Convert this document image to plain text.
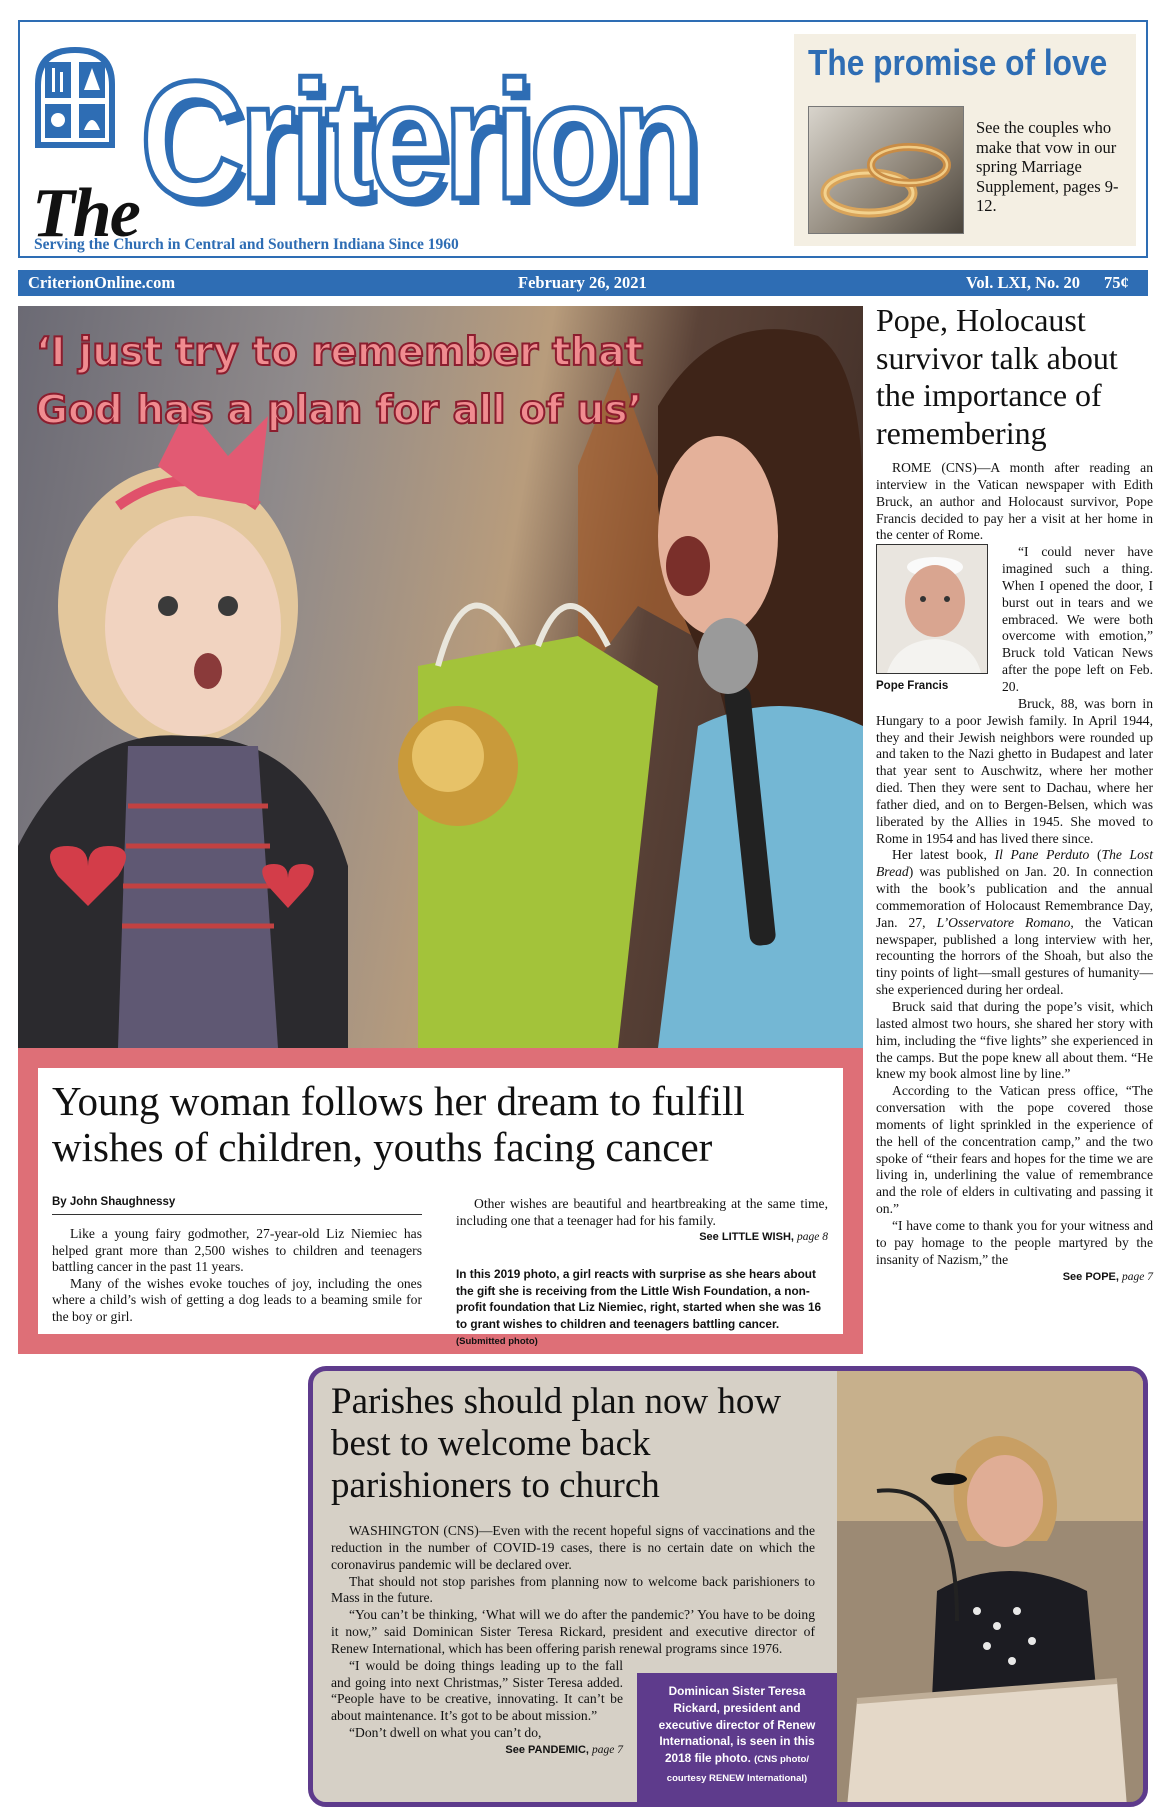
The Criterion
Serving the Church in Central and Southern Indiana Since 1960
The promise of love
See the couples who make that vow in our spring Marriage Supplement, pages 9-12.
CriterionOnline.com	February 26, 2021	Vol. LXI, No. 20 75¢
‘I just try to remember that
God has a plan for all of us’
Young woman follows her dream to fulfill wishes of children, youths facing cancer
By John Shaughnessy

Like a young fairy godmother, 27-year-old Liz Niemiec has helped grant more than 2,500 wishes to children and teenagers battling cancer in the past 11 years.

Many of the wishes evoke touches of joy, including the ones where a child’s wish of getting a dog leads to a beaming smile for the boy or girl.

Other wishes are beautiful and heartbreaking at the same time, including one that a teenager had for his family.

See LITTLE WISH, page 8
In this 2019 photo, a girl reacts with surprise as she hears about the gift she is receiving from the Little Wish Foundation, a non-profit foundation that Liz Niemiec, right, started when she was 16 to grant wishes to children and teenagers battling cancer. (Submitted photo)
Pope, Holocaust survivor talk about the importance of remembering

ROME (CNS)—A month after reading an interview in the Vatican newspaper with Edith Bruck, an author and Holocaust survivor, Pope Francis decided to pay her a visit at her home in the center of Rome.

Pope Francis

“I could never have imagined such a thing. When I opened the door, I burst out in tears and we embraced. We were both overcome with emotion,” Bruck told Vatican News after the pope left on Feb. 20.

Bruck, 88, was born in Hungary to a poor Jewish family. In April 1944, they and their Jewish neighbors were rounded up and taken to the Nazi ghetto in Budapest and later that year sent to Auschwitz, where her mother died. Then they were sent to Dachau, where her father died, and on to Bergen-Belsen, which was liberated by the Allies in 1945. She moved to Rome in 1954 and has lived there since.

Her latest book, Il Pane Perduto (The Lost Bread) was published on Jan. 20. In connection with the book’s publication and the annual commemoration of Holocaust Remembrance Day, Jan. 27, L’Osservatore Romano, the Vatican newspaper, published a long interview with her, recounting the horrors of the Shoah, but also the tiny points of light—small gestures of humanity—she experienced during her ordeal.

Bruck said that during the pope’s visit, which lasted almost two hours, she shared her story with him, including the “five lights” she experienced in the camps. But the pope knew all about them. “He knew my book almost line by line.”

According to the Vatican press office, “The conversation with the pope covered those moments of light sprinkled in the experience of the hell of the concentration camp,” and the two spoke of “their fears and hopes for the time we are living in, underlining the value of remembrance and the role of elders in cultivating and passing it on.”

“I have come to thank you for your witness and to pay homage to the people martyred by the insanity of Nazism,” the

See POPE, page 7
Parishes should plan now how best to welcome back parishioners to church

WASHINGTON (CNS)—Even with the recent hopeful signs of vaccinations and the reduction in the number of COVID-19 cases, there is no certain date on which the coronavirus pandemic will be declared over.

That should not stop parishes from planning now to welcome back parishioners to Mass in the future.

“You can’t be thinking, ‘What will we do after the pandemic?’ You have to be doing it now,” said Dominican Sister Teresa Rickard, president and executive director of Renew International, which has been offering parish renewal programs since 1976.

“I would be doing things leading up to the fall and going into next Christmas,” Sister Teresa added. “People have to be creative, innovating. It can’t be about maintenance. It’s got to be about mission.”

“Don’t dwell on what you can’t do,

See PANDEMIC, page 7
Dominican Sister Teresa Rickard, president and executive director of Renew International, is seen in this 2018 file photo. (CNS photo/ courtesy RENEW International)
